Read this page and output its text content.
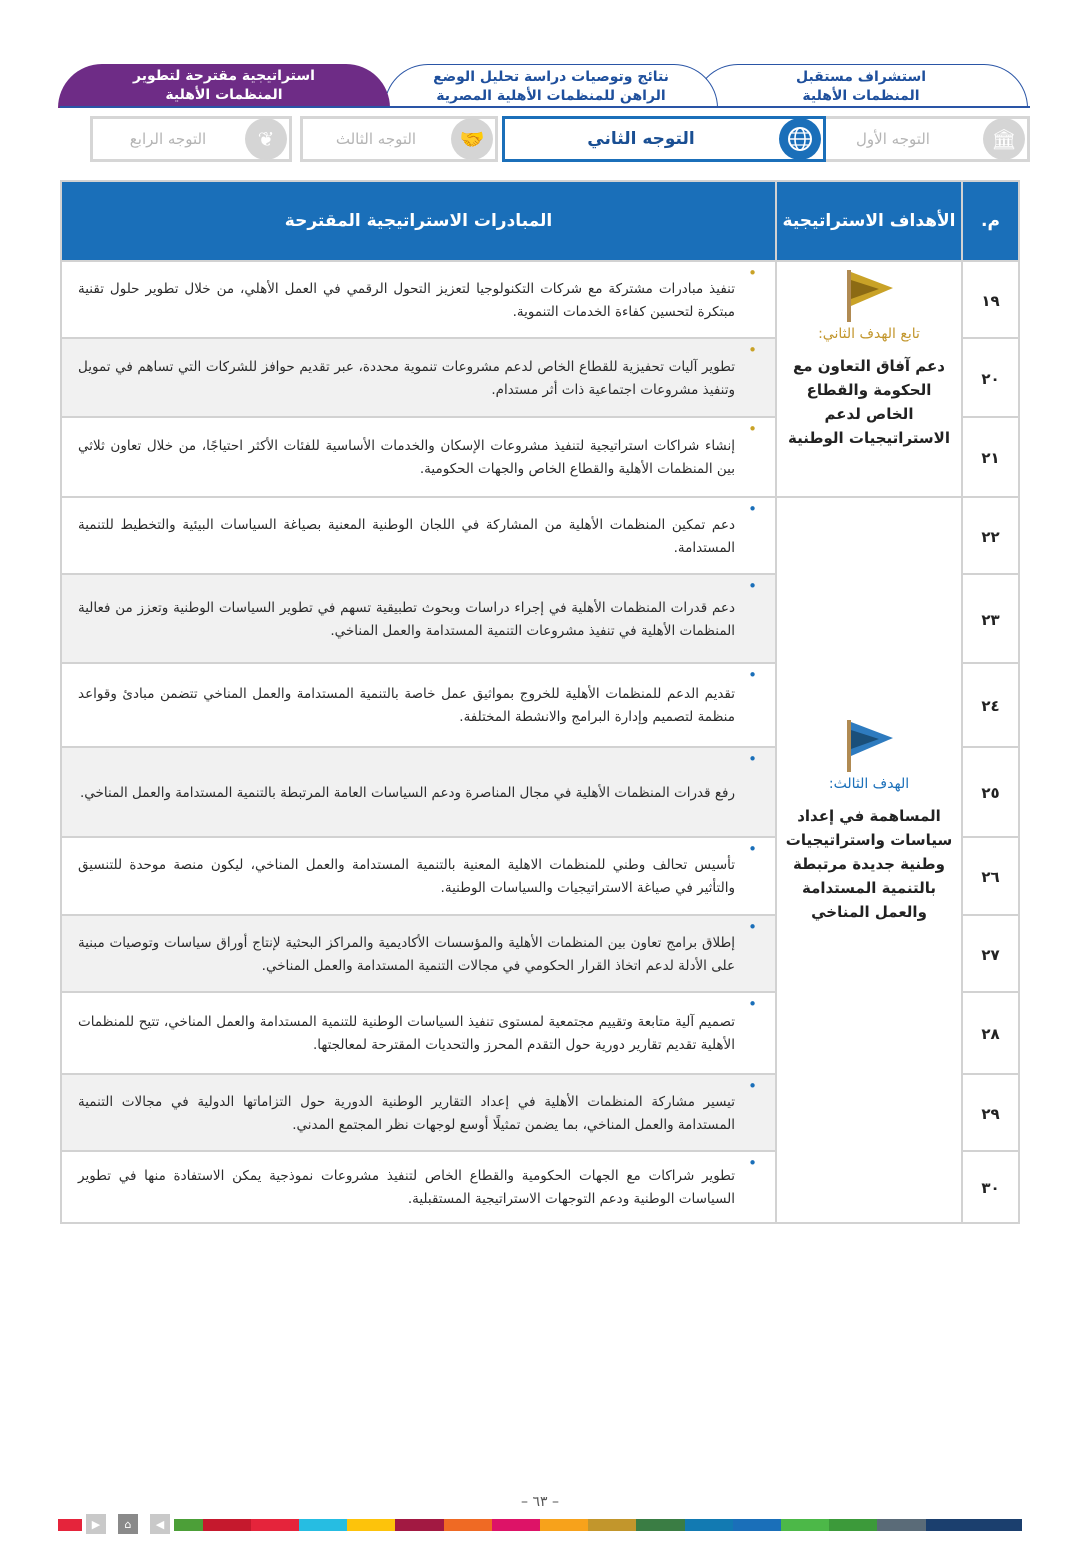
استشراف مستقبل
المنظمات الأهلية
نتائج وتوصيات دراسة تحليل الوضع
الراهن للمنظمات الأهلية المصرية
استراتيجية مقترحة لتطوير
المنظمات الأهلية
🏛
التوجه الأول
التوجه الثاني
🤝
التوجه الثالث
❦
التوجه الرابع
م.
الأهداف الاستراتيجية
المبادرات الاستراتيجية المقترحة
تابع الهدف الثاني:
دعم آفاق التعاون مع الحكومة والقطاع الخاص لدعم الاستراتيجيات الوطنية
الهدف الثالث:
المساهمة في إعداد سياسات واستراتيجيات وطنية جديدة مرتبطة بالتنمية المستدامة والعمل المناخي
١٩
•
تنفيذ مبادرات مشتركة مع شركات التكنولوجيا لتعزيز التحول الرقمي في العمل الأهلي، من خلال تطوير حلول تقنية مبتكرة لتحسين كفاءة الخدمات التنموية.
٢٠
•
تطوير آليات تحفيزية للقطاع الخاص لدعم مشروعات تنموية محددة، عبر تقديم حوافز للشركات التي تساهم في تمويل وتنفيذ مشروعات اجتماعية ذات أثر مستدام.
٢١
•
إنشاء شراكات استراتيجية لتنفيذ مشروعات الإسكان والخدمات الأساسية للفئات الأكثر احتياجًا، من خلال تعاون ثلاثي بين المنظمات الأهلية والقطاع الخاص والجهات الحكومية.
٢٢
•
دعم تمكين المنظمات الأهلية من المشاركة في اللجان الوطنية المعنية بصياغة السياسات البيئية والتخطيط للتنمية المستدامة.
٢٣
•
دعم قدرات المنظمات الأهلية في إجراء دراسات وبحوث تطبيقية تسهم في تطوير السياسات الوطنية وتعزز من فعالية المنظمات الأهلية في تنفيذ مشروعات التنمية المستدامة والعمل المناخي.
٢٤
•
تقديم الدعم للمنظمات الأهلية للخروج بمواثيق عمل خاصة بالتنمية المستدامة والعمل المناخي تتضمن مبادئ وقواعد منظمة لتصميم وإدارة البرامج والانشطة المختلفة.
٢٥
•
رفع قدرات المنظمات الأهلية في مجال المناصرة ودعم السياسات العامة المرتبطة بالتنمية المستدامة والعمل المناخي.
٢٦
•
تأسيس تحالف وطني للمنظمات الاهلية المعنية بالتنمية المستدامة والعمل المناخي، ليكون منصة موحدة للتنسيق والتأثير في صياغة الاستراتيجيات والسياسات الوطنية.
٢٧
•
إطلاق برامج تعاون بين المنظمات الأهلية والمؤسسات الأكاديمية والمراكز البحثية لإنتاج أوراق سياسات وتوصيات مبنية على الأدلة لدعم اتخاذ القرار الحكومي في مجالات التنمية المستدامة والعمل المناخي.
٢٨
•
تصميم آلية متابعة وتقييم مجتمعية لمستوى تنفيذ السياسات الوطنية للتنمية المستدامة والعمل المناخي، تتيح للمنظمات الأهلية تقديم تقارير دورية حول التقدم المحرز والتحديات المقترحة لمعالجتها.
٢٩
•
تيسير مشاركة المنظمات الأهلية في إعداد التقارير الوطنية الدورية حول التزاماتها الدولية في مجالات التنمية المستدامة والعمل المناخي، بما يضمن تمثيلًا أوسع لوجهات نظر المجتمع المدني.
٣٠
•
تطوير شراكات مع الجهات الحكومية والقطاع الخاص لتنفيذ مشروعات نموذجية يمكن الاستفادة منها في تطوير السياسات الوطنية ودعم التوجهات الاستراتيجية المستقبلية.
– ٦٣ –
◀
⌂
▶
